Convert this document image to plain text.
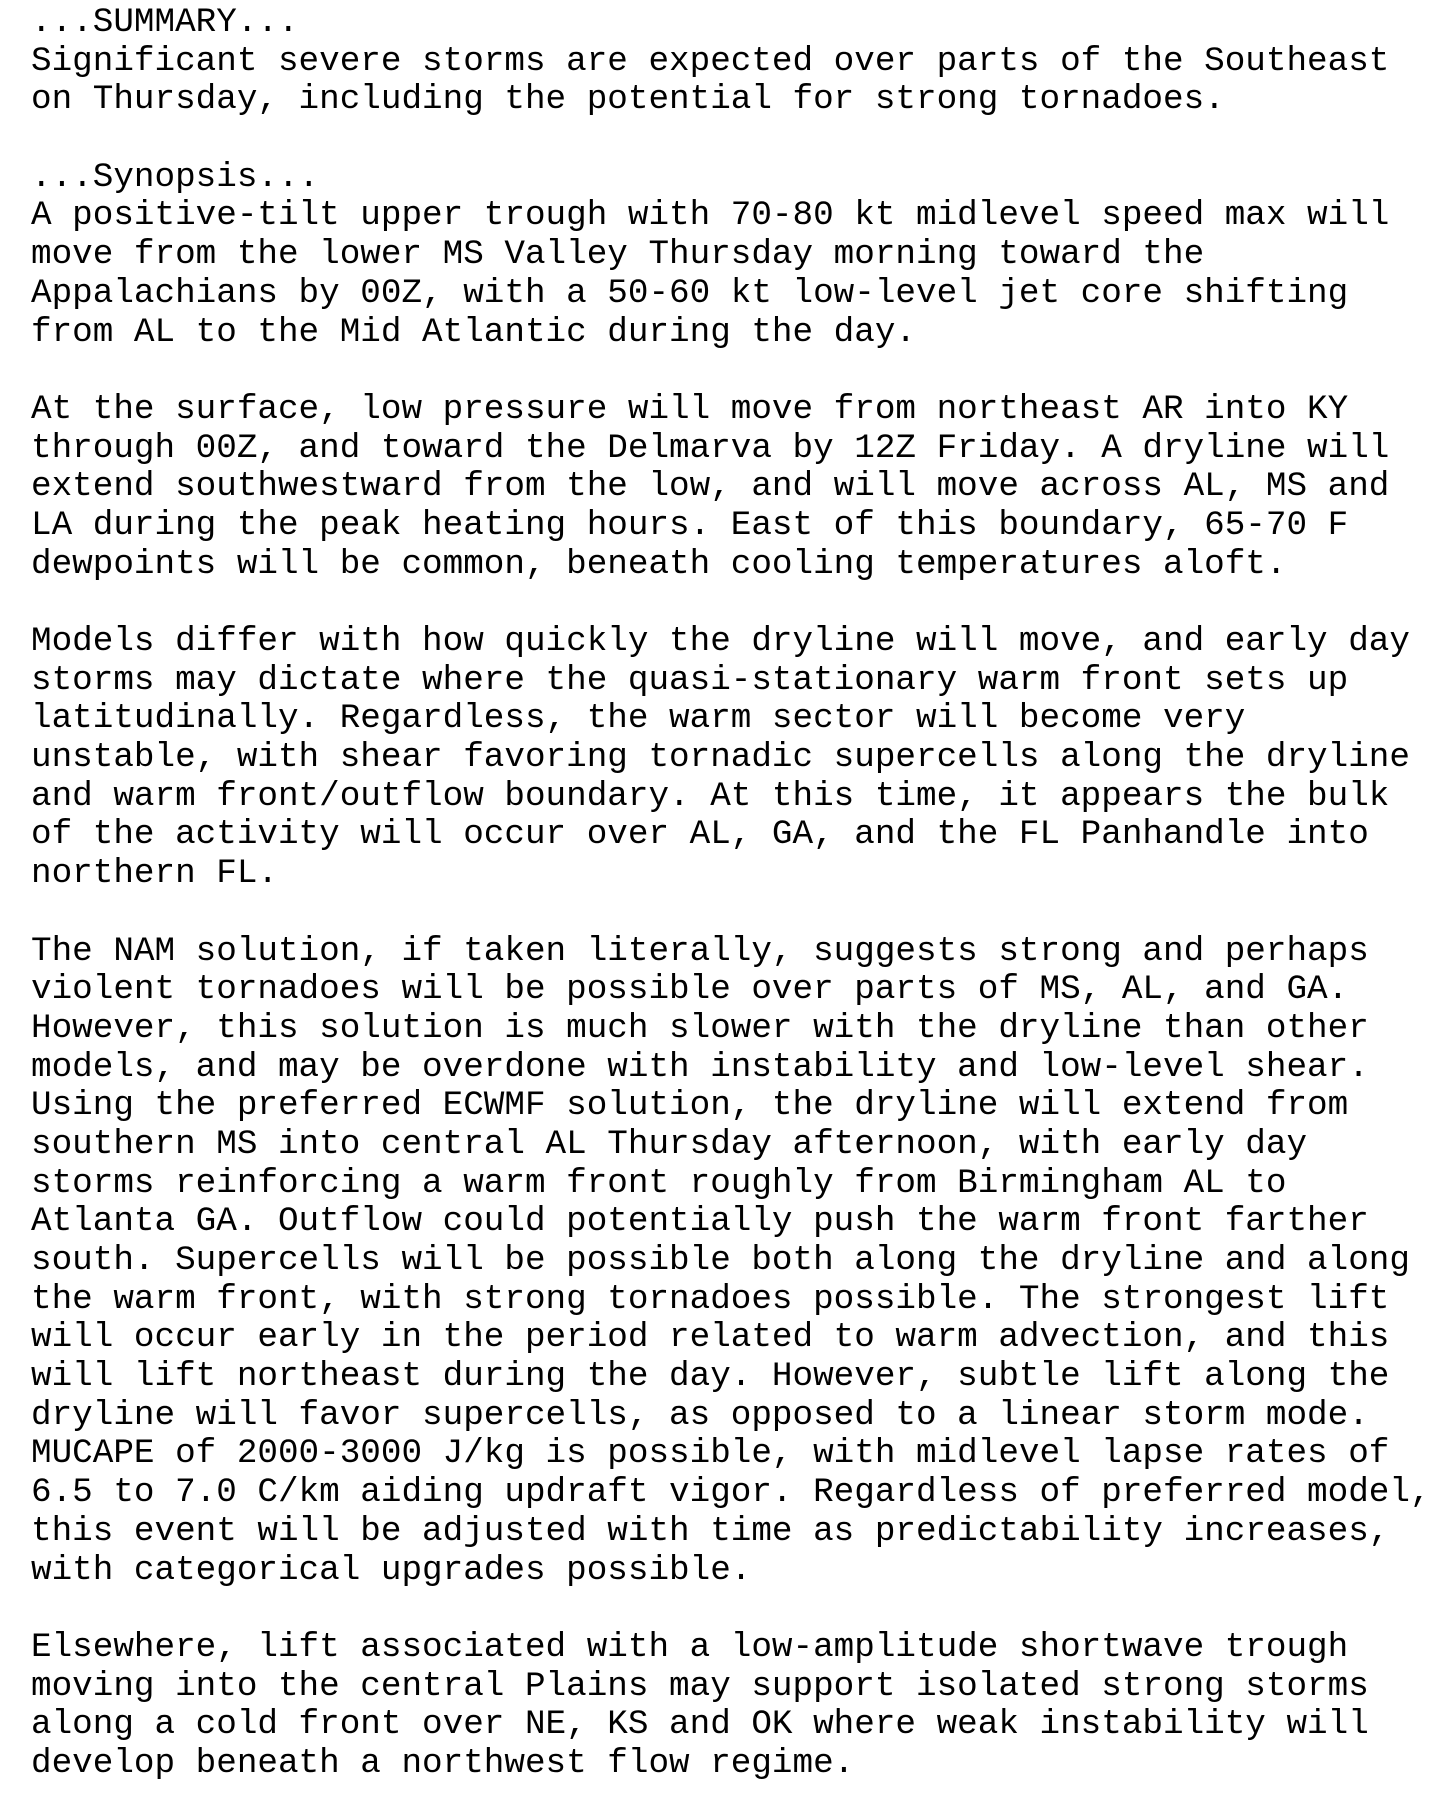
...SUMMARY...
Significant severe storms are expected over parts of the Southeast
on Thursday, including the potential for strong tornadoes.
...Synopsis...
A positive-tilt upper trough with 70-80 kt midlevel speed max will
move from the lower MS Valley Thursday morning toward the
Appalachians by 00Z, with a 50-60 kt low-level jet core shifting
from AL to the Mid Atlantic during the day.
At the surface, low pressure will move from northeast AR into KY
through 00Z, and toward the Delmarva by 12Z Friday. A dryline will
extend southwestward from the low, and will move across AL, MS and
LA during the peak heating hours. East of this boundary, 65-70 F
dewpoints will be common, beneath cooling temperatures aloft.
Models differ with how quickly the dryline will move, and early day
storms may dictate where the quasi-stationary warm front sets up
latitudinally. Regardless, the warm sector will become very
unstable, with shear favoring tornadic supercells along the dryline
and warm front/outflow boundary. At this time, it appears the bulk
of the activity will occur over AL, GA, and the FL Panhandle into
northern FL.
The NAM solution, if taken literally, suggests strong and perhaps
violent tornadoes will be possible over parts of MS, AL, and GA.
However, this solution is much slower with the dryline than other
models, and may be overdone with instability and low-level shear.
Using the preferred ECWMF solution, the dryline will extend from
southern MS into central AL Thursday afternoon, with early day
storms reinforcing a warm front roughly from Birmingham AL to
Atlanta GA. Outflow could potentially push the warm front farther
south. Supercells will be possible both along the dryline and along
the warm front, with strong tornadoes possible. The strongest lift
will occur early in the period related to warm advection, and this
will lift northeast during the day. However, subtle lift along the
dryline will favor supercells, as opposed to a linear storm mode.
MUCAPE of 2000-3000 J/kg is possible, with midlevel lapse rates of
6.5 to 7.0 C/km aiding updraft vigor. Regardless of preferred model,
this event will be adjusted with time as predictability increases,
with categorical upgrades possible.
Elsewhere, lift associated with a low-amplitude shortwave trough
moving into the central Plains may support isolated strong storms
along a cold front over NE, KS and OK where weak instability will
develop beneath a northwest flow regime.
